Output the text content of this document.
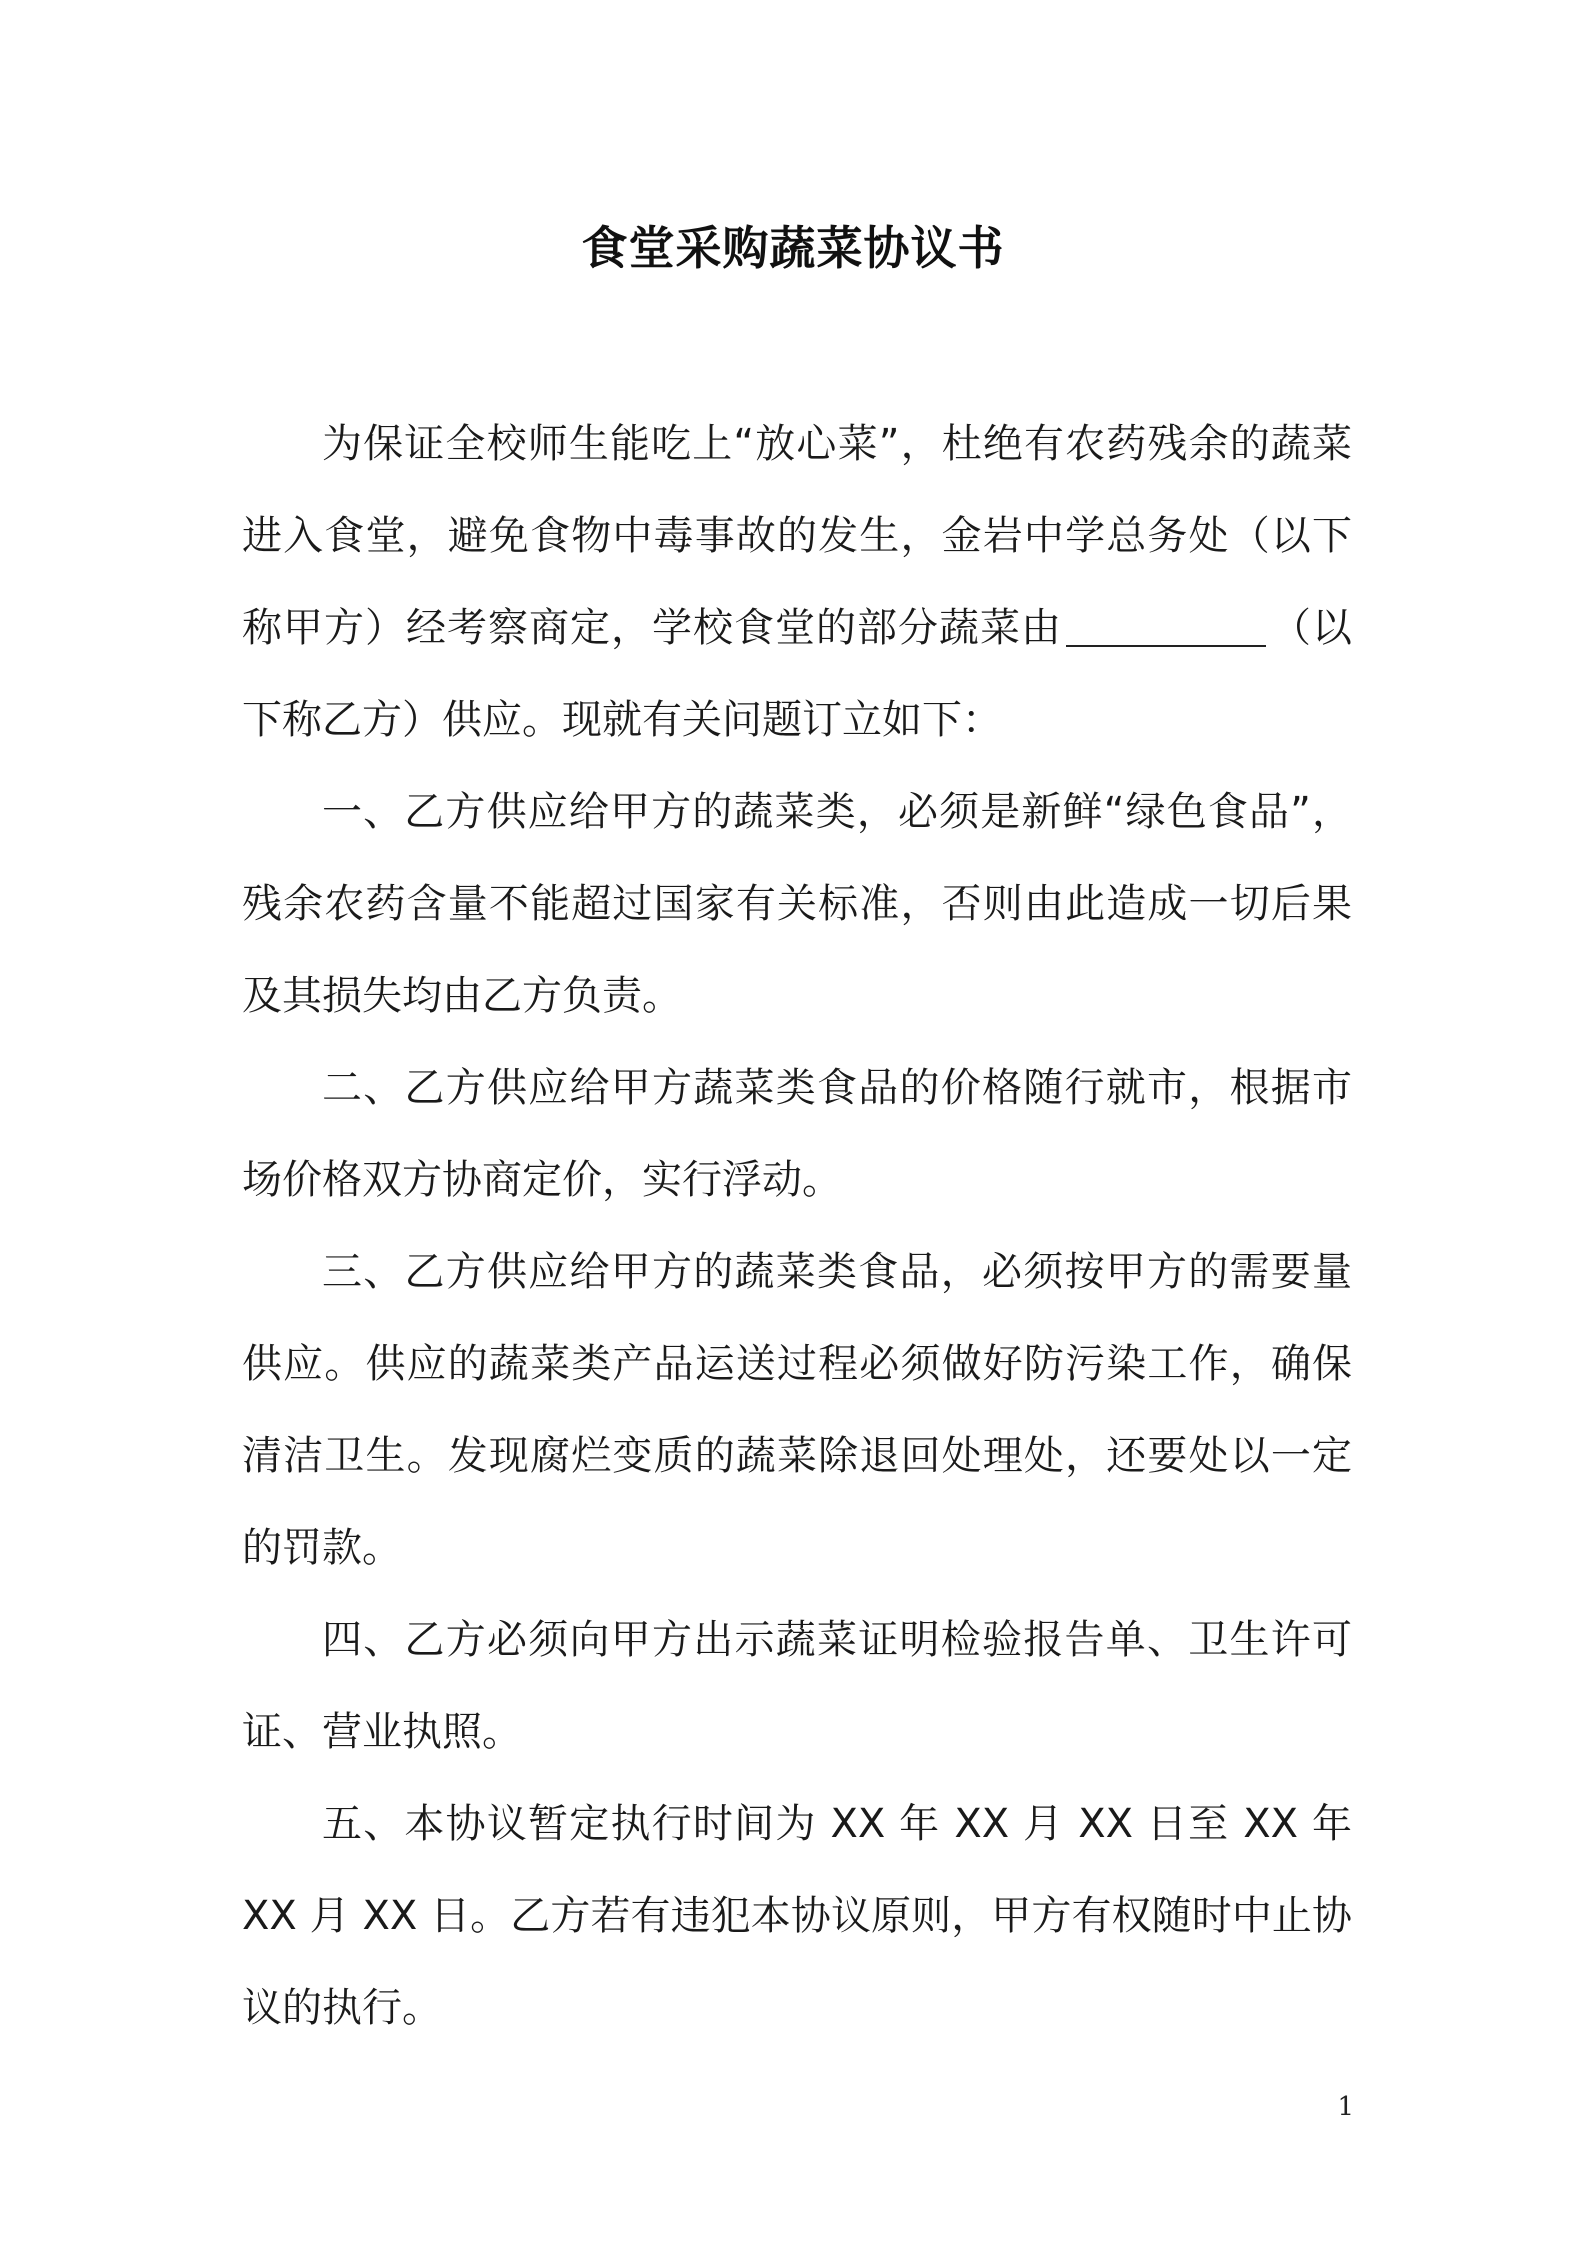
食堂采购蔬菜协议书

为保证全校师生能吃上“放心菜”，杜绝有农药残余的蔬菜进入食堂，避免食物中毒事故的发生，金岩中学总务处（以下称甲方）经考察商定，学校食堂的部分蔬菜由	（以下称乙方）供应。现就有关问题订立如下：

一、乙方供应给甲方的蔬菜类，必须是新鲜“绿色食品”，残余农药含量不能超过国家有关标准，否则由此造成一切后果及其损失均由乙方负责。

二、乙方供应给甲方蔬菜类食品的价格随行就市，根据市场价格双方协商定价，实行浮动。

三、乙方供应给甲方的蔬菜类食品，必须按甲方的需要量供应。供应的蔬菜类产品运送过程必须做好防污染工作，确保清洁卫生。发现腐烂变质的蔬菜除退回处理处，还要处以一定的罚款。

四、乙方必须向甲方出示蔬菜证明检验报告单、卫生许可证、营业执照。

五、本协议暂定执行时间为 XX 年 XX 月 XX 日至 XX 年 XX 月 XX 日。乙方若有违犯本协议原则，甲方有权随时中止协议的执行。

1
